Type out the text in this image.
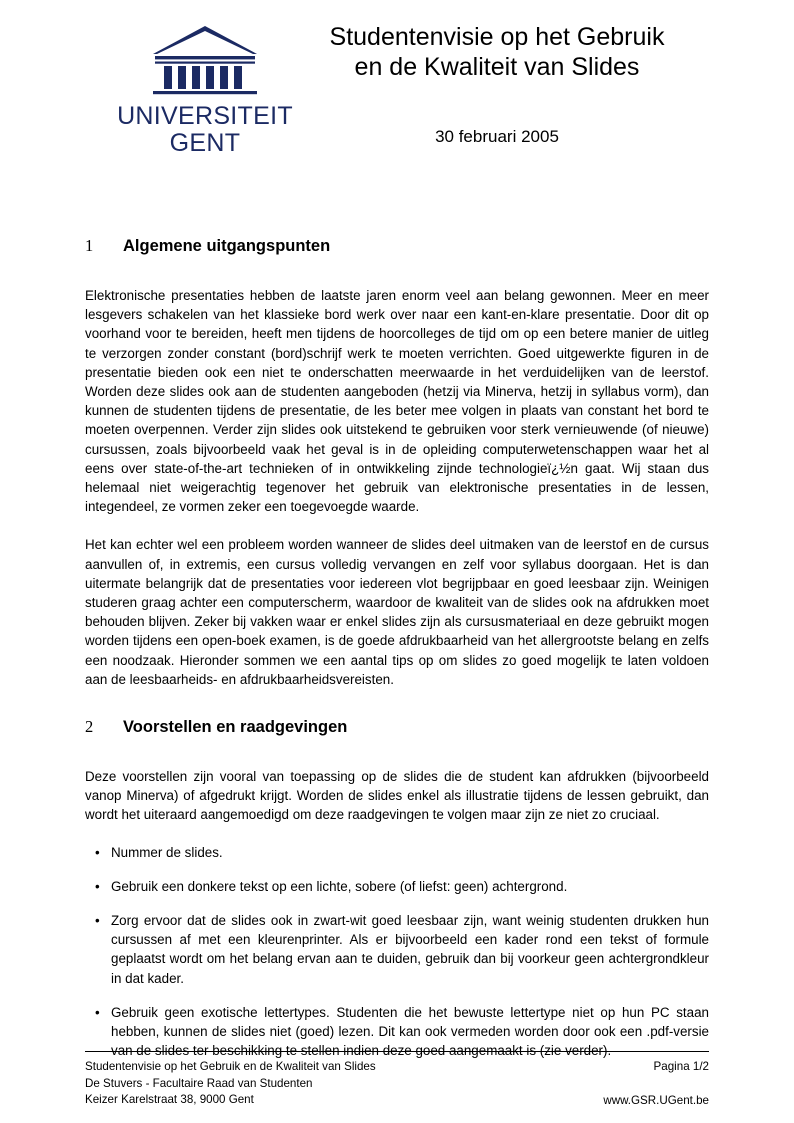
UNIVERSITEIT
GENT
Studentenvisie op het Gebruik
en de Kwaliteit van Slides
30 februari 2005
1	Algemene uitgangspunten

Elektronische presentaties hebben de laatste jaren enorm veel aan belang gewonnen. Meer en meer lesgevers schakelen van het klassieke bord werk over naar een kant-en-klare presentatie. Door dit op voorhand voor te bereiden, heeft men tijdens de hoorcolleges de tijd om op een betere manier de uitleg te verzorgen zonder constant (bord)schrijf werk te moeten verrichten. Goed uitgewerkte figuren in de presentatie bieden ook een niet te onderschatten meerwaarde in het verduidelijken van de leerstof. Worden deze slides ook aan de studenten aangeboden (hetzij via Minerva, hetzij in syllabus vorm), dan kunnen de studenten tijdens de presentatie, de les beter mee volgen in plaats van constant het bord te moeten overpennen. Verder zijn slides ook uitstekend te gebruiken voor sterk vernieuwende (of nieuwe) cursussen, zoals bijvoorbeeld vaak het geval is in de opleiding computerwetenschappen waar het al eens over state-of-the-art technieken of in ontwikkeling zijnde technologieï¿½n gaat. Wij staan dus helemaal niet weigerachtig tegenover het gebruik van elektronische presentaties in de lessen, integendeel, ze vormen zeker een toegevoegde waarde.

Het kan echter wel een probleem worden wanneer de slides deel uitmaken van de leerstof en de cursus aanvullen of, in extremis, een cursus volledig vervangen en zelf voor syllabus doorgaan. Het is dan uitermate belangrijk dat de presentaties voor iedereen vlot begrijpbaar en goed leesbaar zijn. Weinigen studeren graag achter een computerscherm, waardoor de kwaliteit van de slides ook na afdrukken moet behouden blijven. Zeker bij vakken waar er enkel slides zijn als cursusmateriaal en deze gebruikt mogen worden tijdens een open-boek examen, is de goede afdrukbaarheid van het allergrootste belang en zelfs een noodzaak. Hieronder sommen we een aantal tips op om slides zo goed mogelijk te laten voldoen aan de leesbaarheids- en afdrukbaarheidsvereisten.

2	Voorstellen en raadgevingen

Deze voorstellen zijn vooral van toepassing op de slides die de student kan afdrukken (bijvoorbeeld vanop Minerva) of afgedrukt krijgt. Worden de slides enkel als illustratie tijdens de lessen gebruikt, dan wordt het uiteraard aangemoedigd om deze raadgevingen te volgen maar zijn ze niet zo cruciaal.

• Nummer de slides.
• Gebruik een donkere tekst op een lichte, sobere (of liefst: geen) achtergrond.
• Zorg ervoor dat de slides ook in zwart-wit goed leesbaar zijn, want weinig studenten drukken hun cursussen af met een kleurenprinter. Als er bijvoorbeeld een kader rond een tekst of formule geplaatst wordt om het belang ervan aan te duiden, gebruik dan bij voorkeur geen achtergrondkleur in dat kader.
• Gebruik geen exotische lettertypes. Studenten die het bewuste lettertype niet op hun PC staan hebben, kunnen de slides niet (goed) lezen. Dit kan ook vermeden worden door ook een .pdf-versie van de slides ter beschikking te stellen indien deze goed aangemaakt is (zie verder).
Studentenvisie op het Gebruik en de Kwaliteit van Slides
De Stuvers - Facultaire Raad van Studenten
Keizer Karelstraat 38, 9000 Gent
Pagina 1/2
www.GSR.UGent.be
